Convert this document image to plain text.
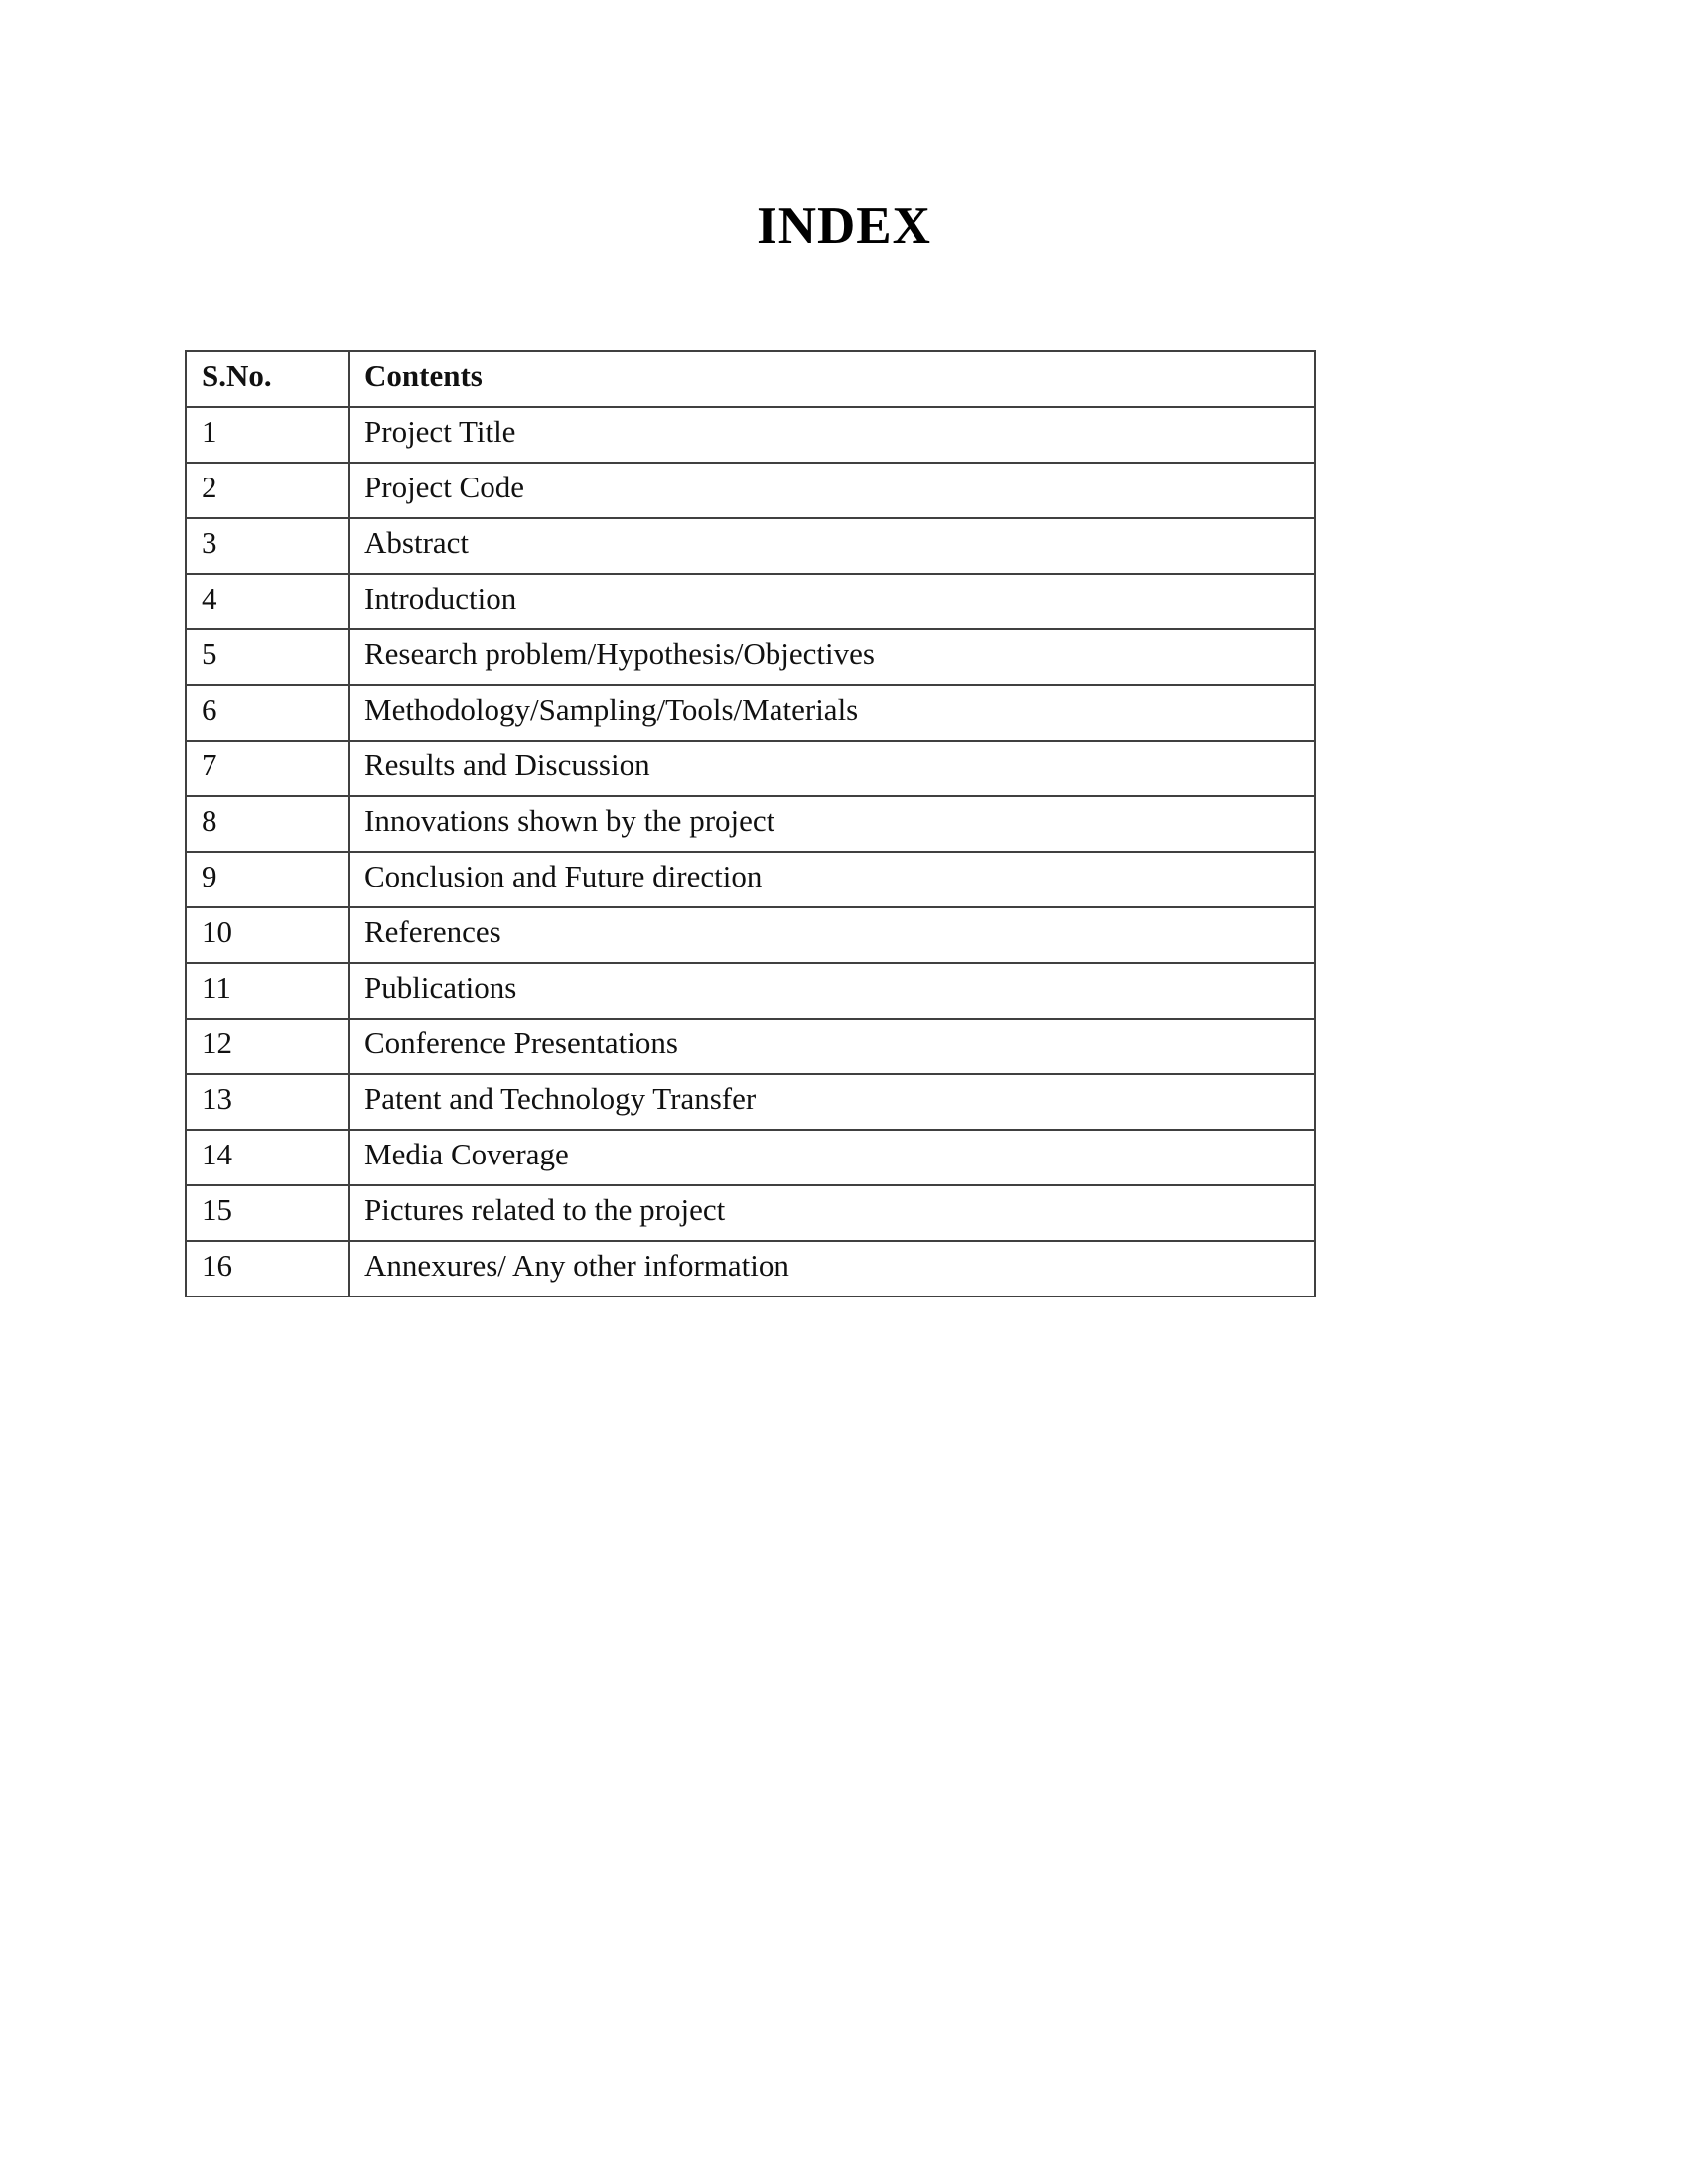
INDEX
S.No.	Contents
1	Project Title
2	Project Code
3	Abstract
4	Introduction
5	Research problem/Hypothesis/Objectives
6	Methodology/Sampling/Tools/Materials
7	Results and Discussion
8	Innovations shown by the project
9	Conclusion and Future direction
10	References
11	Publications
12	Conference Presentations
13	Patent and Technology Transfer
14	Media Coverage
15	Pictures related to the project
16	Annexures/ Any other information
